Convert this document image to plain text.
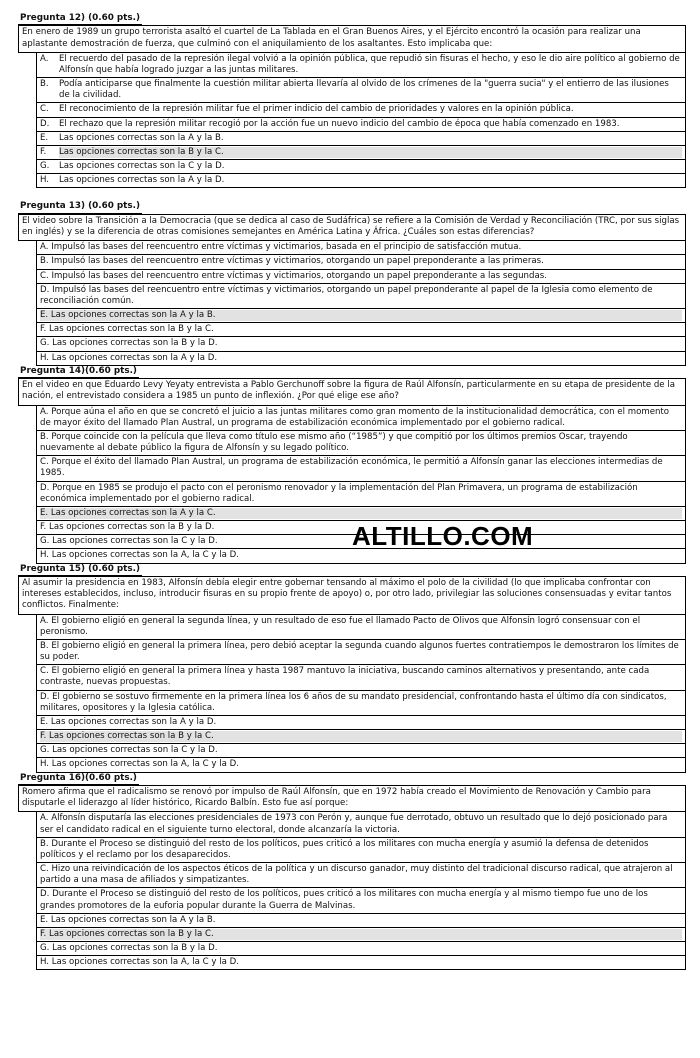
Pregunta 12) (0.60 pts.)
En enero de 1989 un grupo terrorista asaltó el cuartel de La Tablada en el Gran Buenos Aires, y el Ejército encontró la ocasión para realizar una aplastante demostración de fuerza, que culminó con el aniquilamiento de los asaltantes. Esto implicaba que:
A.	El recuerdo del pasado de la represión ilegal volvió a la opinión pública, que repudió sin fisuras el hecho, y eso le dio aire político al gobierno de Alfonsín que había logrado juzgar a las juntas militares.
B.	Podía anticiparse que finalmente la cuestión militar abierta llevaría al olvido de los crímenes de la "guerra sucia" y el entierro de las ilusiones de la civilidad.
C.	El reconocimiento de la represión militar fue el primer indicio del cambio de prioridades y valores en la opinión pública.
D.	El rechazo que la represión militar recogió por la acción fue un nuevo indicio del cambio de época que había comenzado en 1983.
E.	Las opciones correctas son la A y la B.
F.	Las opciones correctas son la B y la C.
G.	Las opciones correctas son la C y la D.
H.	Las opciones correctas son la A y la D.
Pregunta 13) (0.60 pts.)
El video sobre la Transición a la Democracia (que se dedica al caso de Sudáfrica) se refiere a la Comisión de Verdad y Reconciliación (TRC, por sus siglas en inglés) y se la diferencia de otras comisiones semejantes en América Latina y África. ¿Cuáles son estas diferencias?
A. Impulsó las bases del reencuentro entre víctimas y victimarios, basada en el principio de satisfacción mutua.
B. Impulsó las bases del reencuentro entre víctimas y victimarios, otorgando un papel preponderante a las primeras.
C. Impulsó las bases del reencuentro entre víctimas y victimarios, otorgando un papel preponderante a las segundas.
D. Impulsó las bases del reencuentro entre víctimas y victimarios, otorgando un papel preponderante al papel de la Iglesia como elemento de reconciliación común.
E. Las opciones correctas son la A y la B.
F. Las opciones correctas son la B y la C.
G. Las opciones correctas son la B y la D.
H. Las opciones correctas son la A y la D.
Pregunta 14)(0.60 pts.)
En el video en que Eduardo Levy Yeyaty entrevista a Pablo Gerchunoff sobre la figura de Raúl Alfonsín, particularmente en su etapa de presidente de la nación, el entrevistado considera a 1985 un punto de inflexión. ¿Por qué elige ese año?
A. Porque aúna el año en que se concretó el juicio a las juntas militares como gran momento de la institucionalidad democrática, con el momento de mayor éxito del llamado Plan Austral, un programa de estabilización económica implementado por el gobierno radical.
B. Porque coincide con la película que lleva como título ese mismo año (“1985”) y que compitió por los últimos premios Oscar, trayendo nuevamente al debate público la figura de Alfonsín y su legado político.
C. Porque el éxito del llamado Plan Austral, un programa de estabilización económica, le permitió a Alfonsín ganar las elecciones intermedias de 1985.
D. Porque en 1985 se produjo el pacto con el peronismo renovador y la implementación del Plan Primavera, un programa de estabilización económica implementado por el gobierno radical.
E. Las opciones correctas son la A y la C.
F. Las opciones correctas son la B y la D.
G. Las opciones correctas son la C y la D.
H. Las opciones correctas son la A, la C y la D.
Pregunta 15) (0.60 pts.)
Al asumir la presidencia en 1983, Alfonsín debía elegir entre gobernar tensando al máximo el polo de la civilidad (lo que implicaba confrontar con intereses establecidos, incluso, introducir fisuras en su propio frente de apoyo) o, por otro lado, privilegiar las soluciones consensuadas y evitar tantos conflictos. Finalmente:
A. El gobierno eligió en general la segunda línea, y un resultado de eso fue el llamado Pacto de Olivos que Alfonsín logró consensuar con el peronismo.
B. El gobierno eligió en general la primera línea, pero debió aceptar la segunda cuando algunos fuertes contratiempos le demostraron los límites de su poder.
C. El gobierno eligió en general la primera línea y hasta 1987 mantuvo la iniciativa, buscando caminos alternativos y presentando, ante cada contraste, nuevas propuestas.
D. El gobierno se sostuvo firmemente en la primera línea los 6 años de su mandato presidencial, confrontando hasta el último día con sindicatos, militares, opositores y la Iglesia católica.
E. Las opciones correctas son la A y la D.
F. Las opciones correctas son la B y la C.
G. Las opciones correctas son la C y la D.
H. Las opciones correctas son la A, la C y la D.
Pregunta 16)(0.60 pts.)
Romero afirma que el radicalismo se renovó por impulso de Raúl Alfonsín, que en 1972 había creado el Movimiento de Renovación y Cambio para disputarle el liderazgo al líder histórico, Ricardo Balbín. Esto fue así porque:
A. Alfonsín disputaría las elecciones presidenciales de 1973 con Perón y, aunque fue derrotado, obtuvo un resultado que lo dejó posicionado para ser el candidato radical en el siguiente turno electoral, donde alcanzaría la victoria.
B. Durante el Proceso se distinguió del resto de los políticos, pues criticó a los militares con mucha energía y asumió la defensa de detenidos políticos y el reclamo por los desaparecidos.
C. Hizo una reivindicación de los aspectos éticos de la política y un discurso ganador, muy distinto del tradicional discurso radical, que atrajeron al partido a una masa de afiliados y simpatizantes.
D. Durante el Proceso se distinguió del resto de los políticos, pues criticó a los militares con mucha energía y al mismo tiempo fue uno de los grandes promotores de la euforia popular durante la Guerra de Malvinas.
E. Las opciones correctas son la A y la B.
F. Las opciones correctas son la B y la C.
G. Las opciones correctas son la B y la D.
H. Las opciones correctas son la A, la C y la D.
ALTILLO.COM
